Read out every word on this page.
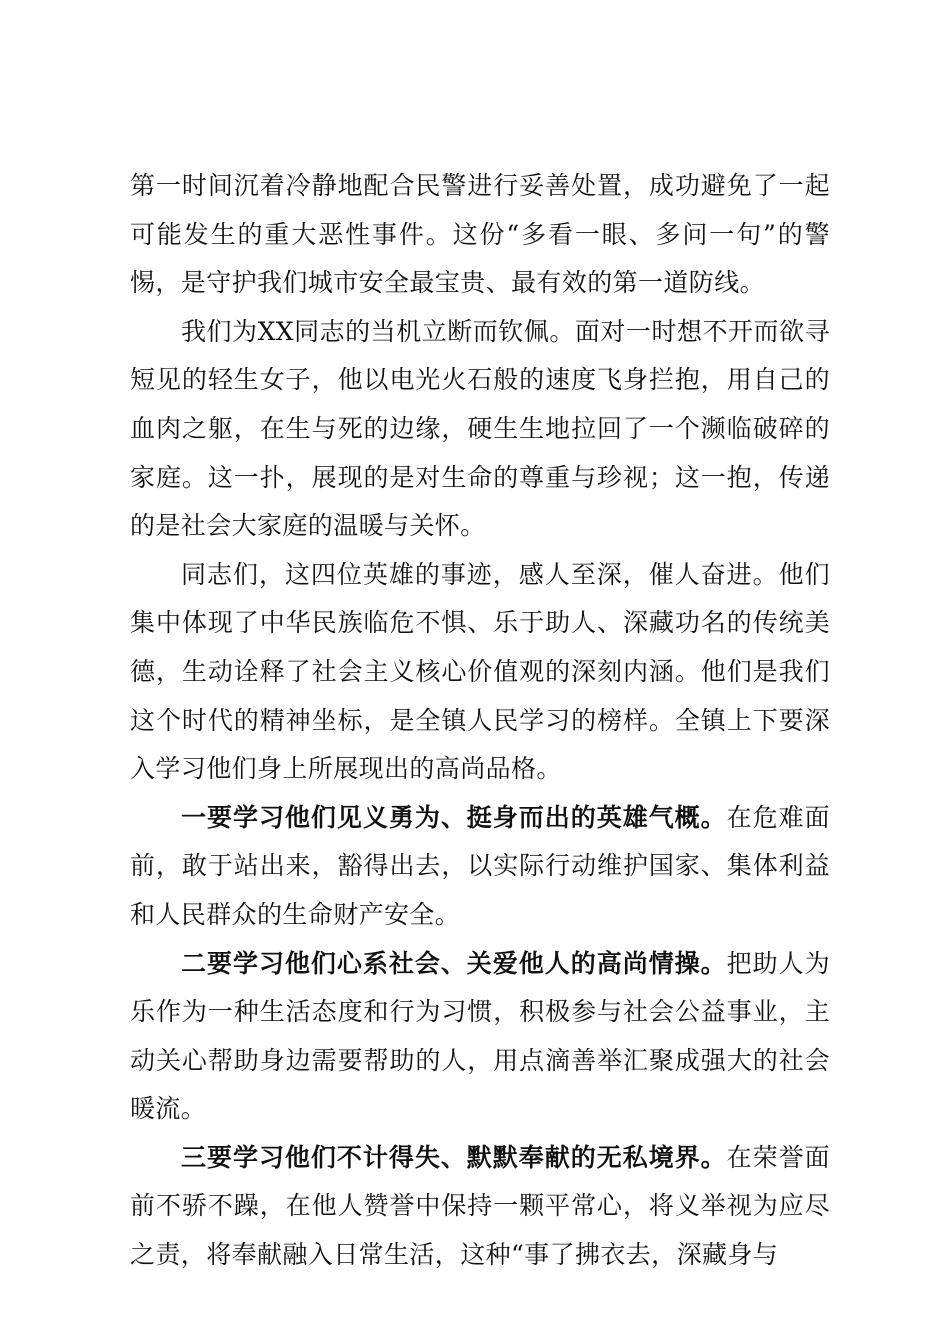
第一时间沉着冷静地配合民警进行妥善处置，成功避免了一起可能发生的重大恶性事件。这份“多看一眼、多问一句”的警惕，是守护我们城市安全最宝贵、最有效的第一道防线。

我们为XX同志的当机立断而钦佩。面对一时想不开而欲寻短见的轻生女子，他以电光火石般的速度飞身拦抱，用自己的血肉之躯，在生与死的边缘，硬生生地拉回了一个濒临破碎的家庭。这一扑，展现的是对生命的尊重与珍视；这一抱，传递的是社会大家庭的温暖与关怀。

同志们，这四位英雄的事迹，感人至深，催人奋进。他们集中体现了中华民族临危不惧、乐于助人、深藏功名的传统美德，生动诠释了社会主义核心价值观的深刻内涵。他们是我们这个时代的精神坐标，是全镇人民学习的榜样。全镇上下要深入学习他们身上所展现出的高尚品格。

一要学习他们见义勇为、挺身而出的英雄气概。在危难面前，敢于站出来，豁得出去，以实际行动维护国家、集体利益和人民群众的生命财产安全。

二要学习他们心系社会、关爱他人的高尚情操。把助人为乐作为一种生活态度和行为习惯，积极参与社会公益事业，主动关心帮助身边需要帮助的人，用点滴善举汇聚成强大的社会暖流。

三要学习他们不计得失、默默奉献的无私境界。在荣誉面前不骄不躁，在他人赞誉中保持一颗平常心，将义举视为应尽之责，将奉献融入日常生活，这种“事了拂衣去，深藏身与
